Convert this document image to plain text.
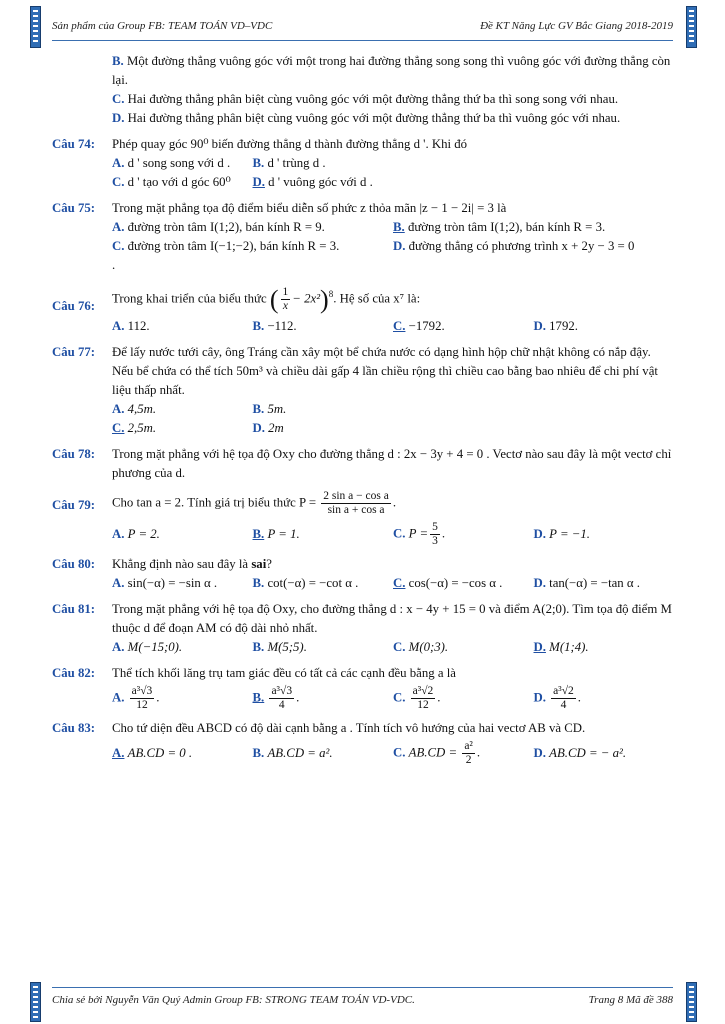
Sản phẩm của Group FB: TEAM TOÁN VD–VDC	Đề KT Năng Lực GV Bắc Giang 2018-2019
B. Một đường thẳng vuông góc với một trong hai đường thẳng song song thì vuông góc với đường thẳng còn lại.
C. Hai đường thẳng phân biệt cùng vuông góc với một đường thẳng thứ ba thì song song với nhau.
D. Hai đường thẳng phân biệt cùng vuông góc với một đường thẳng thứ ba thì vuông góc với nhau.
Câu 74: Phép quay góc 90⁰ biến đường thẳng d thành đường thẳng d '. Khi đó
A. d ' song song với d .	B. d ' trùng d .
C. d ' tạo với d góc 60⁰	D. d ' vuông góc với d .
Câu 75: Trong mặt phẳng tọa độ điểm biểu diễn số phức z thỏa mãn |z − 1 − 2i| = 3 là
A. đường tròn tâm I(1;2), bán kính R = 9.	B. đường tròn tâm I(1;2), bán kính R = 3.
C. đường tròn tâm I(−1;−2), bán kính R = 3.	D. đường thẳng có phương trình x + 2y − 3 = 0
.
Câu 76:
Trong khai triển của biểu thức ( $\frac{1}{x} - 2x^2)^8$. Hệ số của x⁷ là:
A. 112.	B. −112.	C. −1792.	D. 1792.
Câu 77: Để lấy nước tưới cây, ông Tráng cần xây một bể chứa nước có dạng hình hộp chữ nhật không có nắp đậy. Nếu bể chứa có thể tích 50m³ và chiều dài gấp 4 lần chiều rộng thì chiều cao bằng bao nhiêu để chi phí vật liệu thấp nhất.
A. 4,5m.	B. 5m.
C. 2,5m.	D. 2m
Câu 78: Trong mặt phẳng với hệ tọa độ Oxy cho đường thẳng d : 2x − 3y + 4 = 0 . Vectơ nào sau đây là một vectơ chỉ phương của d.
Câu 79: Cho tan a = 2. Tính giá trị biểu thức $P = \frac{\text{2 sin a − cos a}}{\text{sin a + cos a}}$ .
A. P = 2.	B. P = 1.	C. $P = \frac{5}{3}$ .	D. P = −1.
Câu 80: Khẳng định nào sau đây là sai?
A. sin(−α) = −sin α .	B. cot(−α) = −cot α .	C. cos(−α) = −cos α .	D. tan(−α) = −tan α .
Câu 81: Trong mặt phẳng với hệ tọa độ Oxy, cho đường thẳng d : x − 4y + 15 = 0 và điểm A(2;0). Tìm tọa độ điểm M thuộc d để đoạn AM có độ dài nhỏ nhất.
A. M(−15;0).	B. M(5;5).	C. M(0;3).	D. M(1;4).
Câu 82: Thể tích khối lăng trụ tam giác đều có tất cả các cạnh đều bằng a là
A. $\frac{\text{a³√3}}{12}$ .	B. $\frac{\text{a³√3}}{4}$ .	C. $\frac{\text{a³√2}}{12}$ .	D. $\frac{\text{a³√2}}{4}$ .
Câu 83: Cho tứ diện đều ABCD có độ dài cạnh bằng a . Tính tích vô hướng của hai vectơ AB và CD.
A. AB.CD = 0 .	B. AB.CD = a².	C. $AB.CD = \frac{\text{a²}}{2}$ .	D. AB.CD = − a².
Chia sẻ bởi Nguyễn Văn Quý Admin Group FB: STRONG TEAM TOÁN VD-VDC.	Trang 8 Mã đề 388
